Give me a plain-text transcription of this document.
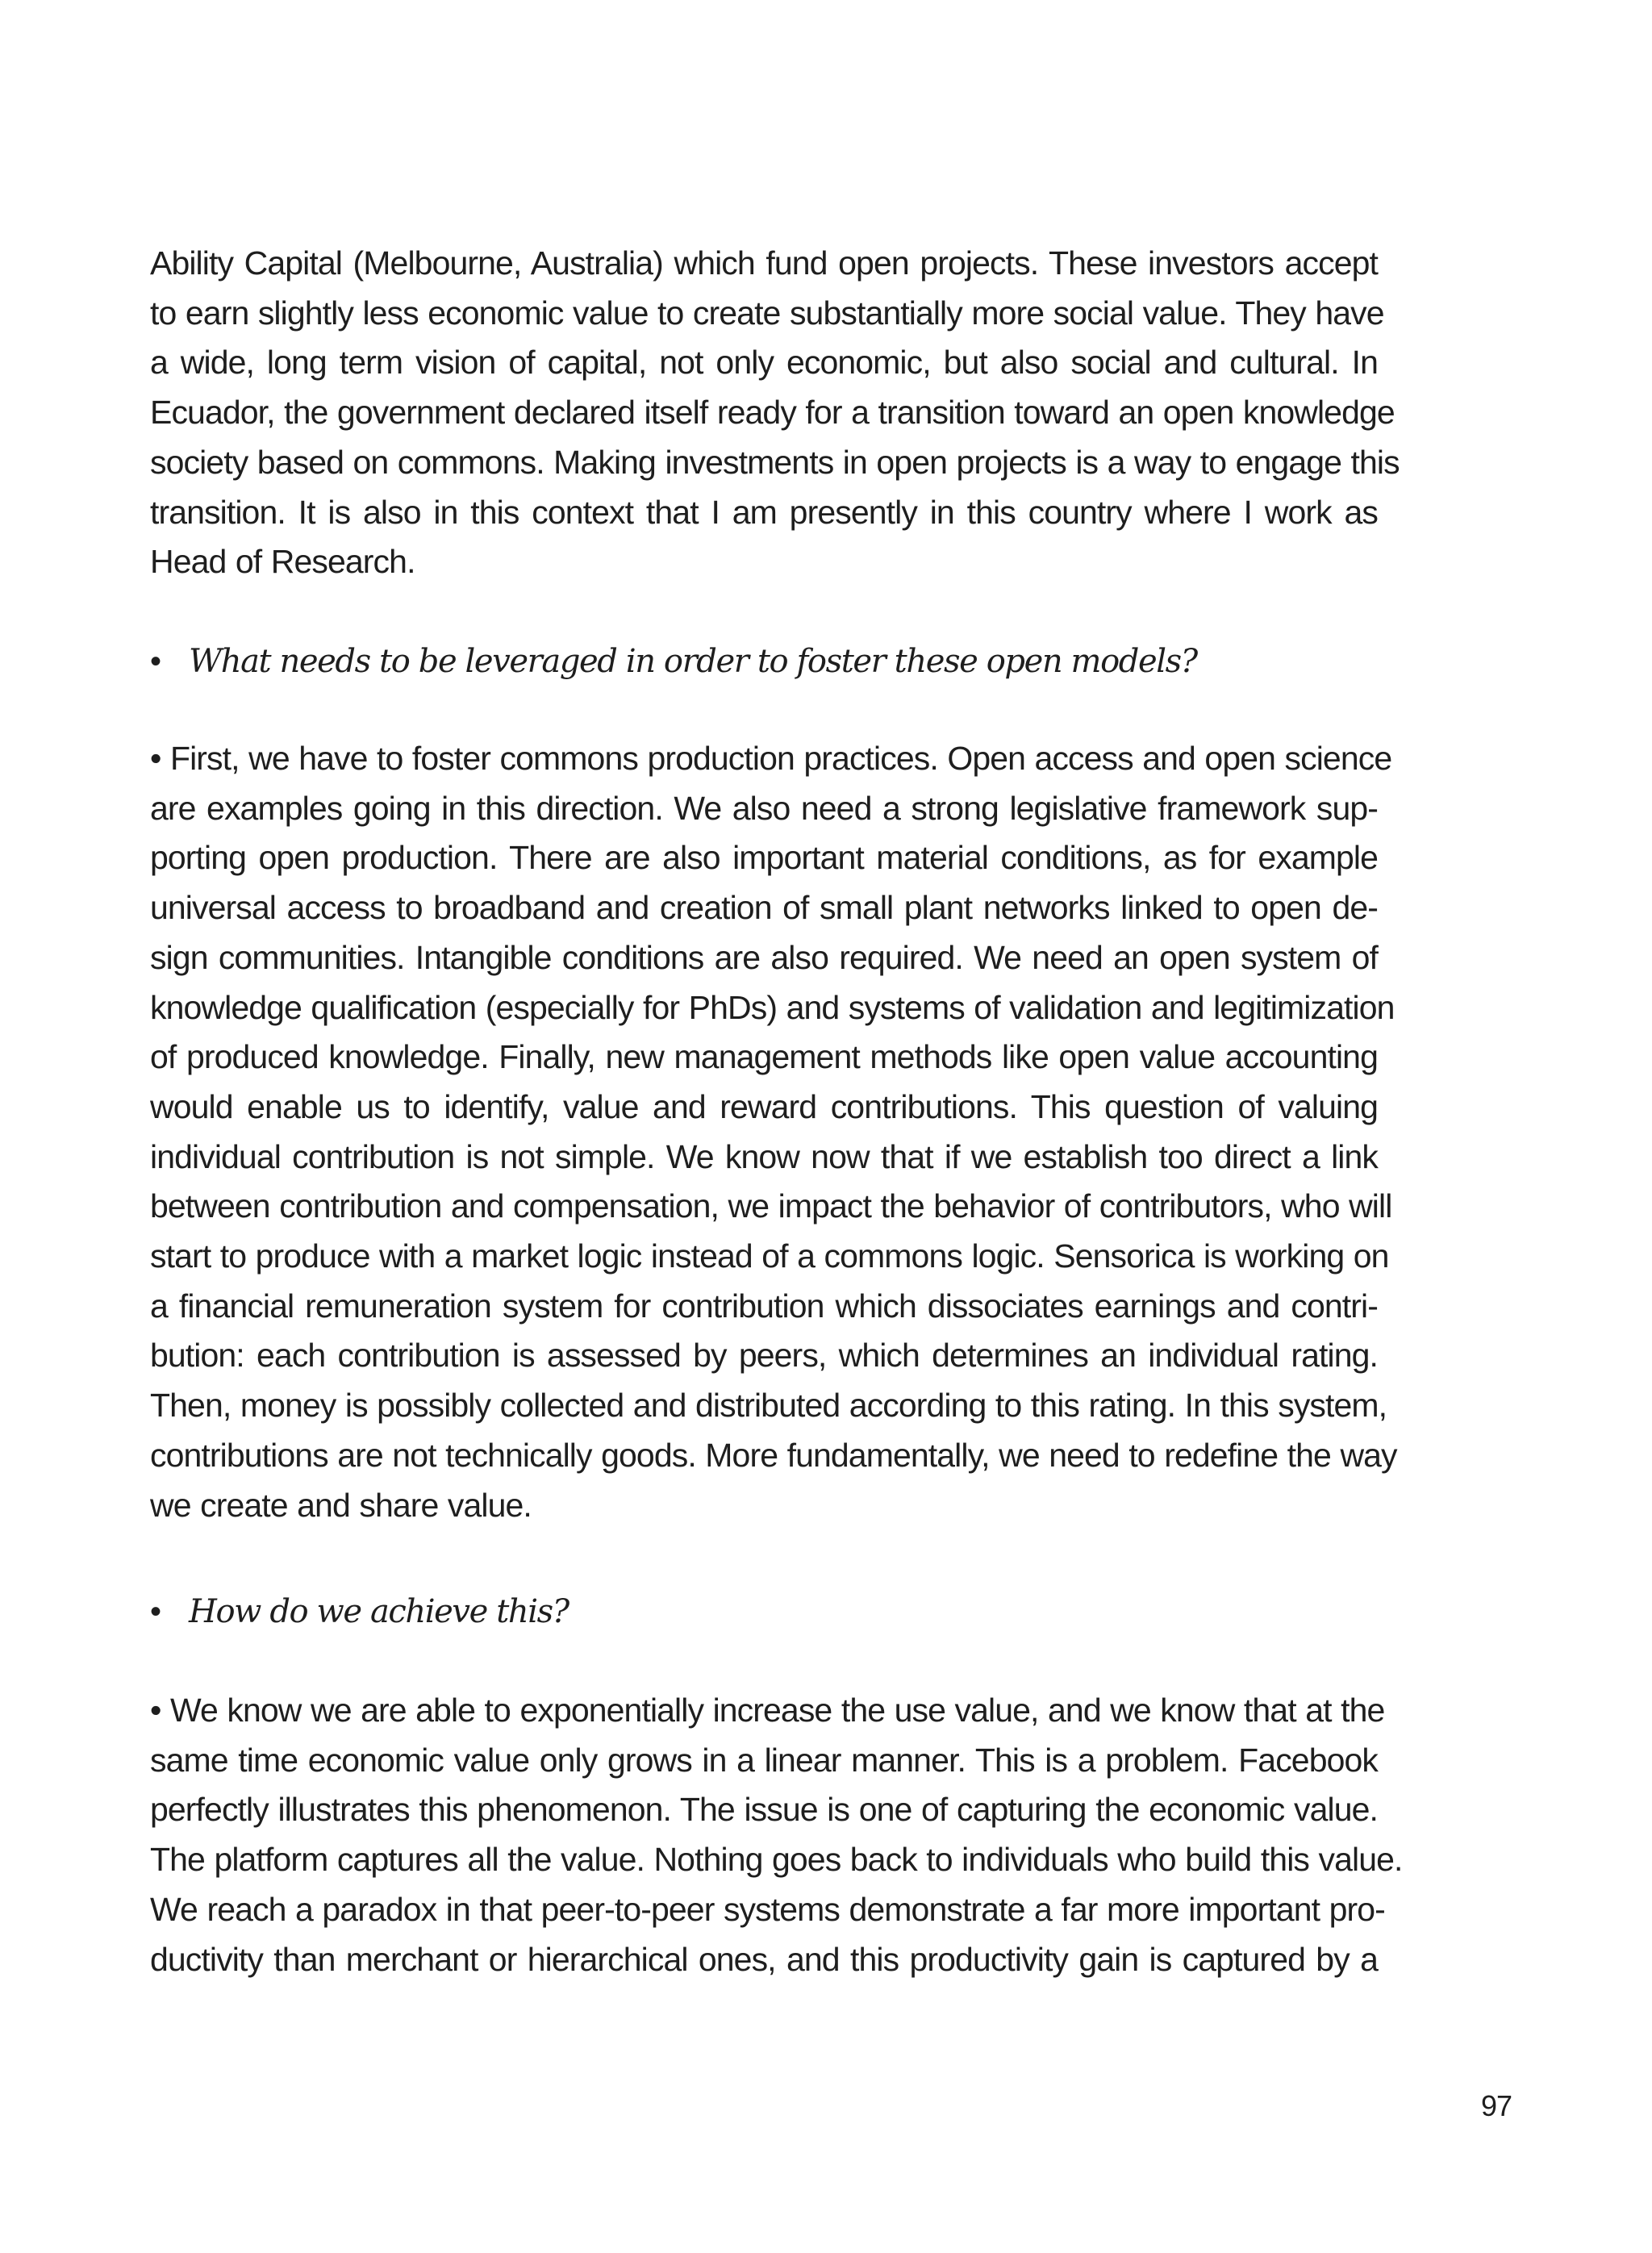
Ability Capital (Melbourne, Australia) which fund open projects. These investors accept
to earn slightly less economic value to create substantially more social value. They have
a wide, long term vision of capital, not only economic, but also social and cultural. In
Ecuador, the government declared itself ready for a transition toward an open knowledge
society based on commons. Making investments in open projects is a way to engage this
transition. It is also in this context that I am presently in this country where I work as
Head of Research.

• What needs to be leveraged in order to foster these open models?

• First, we have to foster commons production practices. Open access and open science
are examples going in this direction. We also need a strong legislative framework sup-
porting open production. There are also important material conditions, as for example
universal access to broadband and creation of small plant networks linked to open de-
sign communities. Intangible conditions are also required. We need an open system of
knowledge qualification (especially for PhDs) and systems of validation and legitimization
of produced knowledge. Finally, new management methods like open value accounting
would enable us to identify, value and reward contributions. This question of valuing
individual contribution is not simple. We know now that if we establish too direct a link
between contribution and compensation, we impact the behavior of contributors, who will
start to produce with a market logic instead of a commons logic. Sensorica is working on
a financial remuneration system for contribution which dissociates earnings and contri-
bution: each contribution is assessed by peers, which determines an individual rating.
Then, money is possibly collected and distributed according to this rating. In this system,
contributions are not technically goods. More fundamentally, we need to redefine the way
we create and share value.

• How do we achieve this?

• We know we are able to exponentially increase the use value, and we know that at the
same time economic value only grows in a linear manner. This is a problem. Facebook
perfectly illustrates this phenomenon. The issue is one of capturing the economic value.
The platform captures all the value. Nothing goes back to individuals who build this value.
We reach a paradox in that peer-to-peer systems demonstrate a far more important pro-
ductivity than merchant or hierarchical ones, and this productivity gain is captured by a
97
